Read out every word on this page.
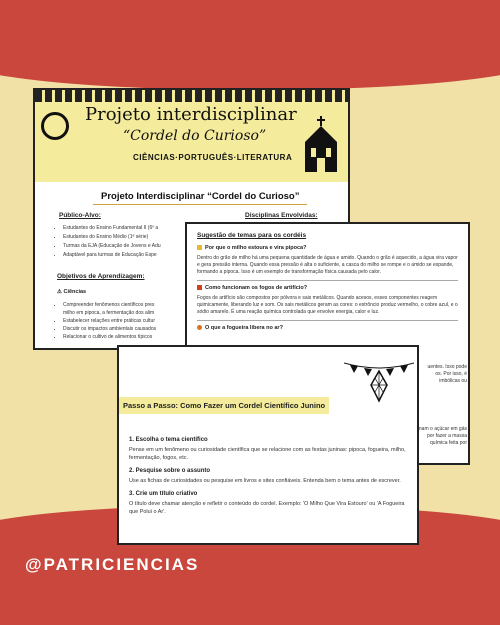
Projeto interdisciplinar
“Cordel do Curioso”
CIÊNCIAS·PORTUGUÊS·LITERATURA
Projeto Interdisciplinar “Cordel do Curioso”
Público-Alvo:	Disciplinas Envolvidas:
• Estudantes do Ensino Fundamental II (6º a
• Estudantes do Ensino Médio (1ª série)
• Turmas da EJA (Educação de Jovens e Adu
• Adaptável para turmas de Educação Espe
Objetivos de Aprendizagem:
⚠ Ciências
• Compreender fenômenos científicos pres
milho em pipoca, a fermentação dos alim
• Estabelecer relações entre práticas cultur
• Discutir os impactos ambientais causados
• Relacionar o cultivo de alimentos típicos
Sugestão de temas para os cordéis
Por que o milho estoura e vira pipoca?
Dentro do grão de milho há uma pequena quantidade de água e amido. Quando o grão é aquecido, a água vira vapor e gera pressão interna. Quando essa pressão é alta o suficiente, a casca do milho se rompe e o amido se expande, formando a pipoca. Isso é um exemplo de transformação física causada pelo calor.
Como funcionam os fogos de artifício?
Fogos de artifício são compostos por pólvora e sais metálicos. Quando acesos, esses componentes reagem quimicamente, liberando luz e som. Os sais metálicos geram as cores: o estrôncio produz vermelho, o cobre azul, e o sódio amarelo. É uma reação química controlada que envolve energia, calor e luz.
O que a fogueira libera no ar?
uentes. Isso pode
os. Por isso, é
imbólicas ou
nam o açúcar em gás
por fazer a massa
química feita por
Passo a Passo: Como Fazer um Cordel Científico Junino
1. Escolha o tema científico
Pense em um fenômeno ou curiosidade científica que se relacione com as festas juninas: pipoca, fogueira, milho, fermentação, fogos, etc.
2. Pesquise sobre o assunto
Use as fichas de curiosidades ou pesquise em livros e sites confiáveis. Entenda bem o tema antes de escrever.
3. Crie um título criativo
O título deve chamar atenção e refletir o conteúdo do cordel. Exemplo: 'O Milho Que Vira Estouro' ou 'A Fogueira que Polui o Ar'.
@PATRICIENCIAS
